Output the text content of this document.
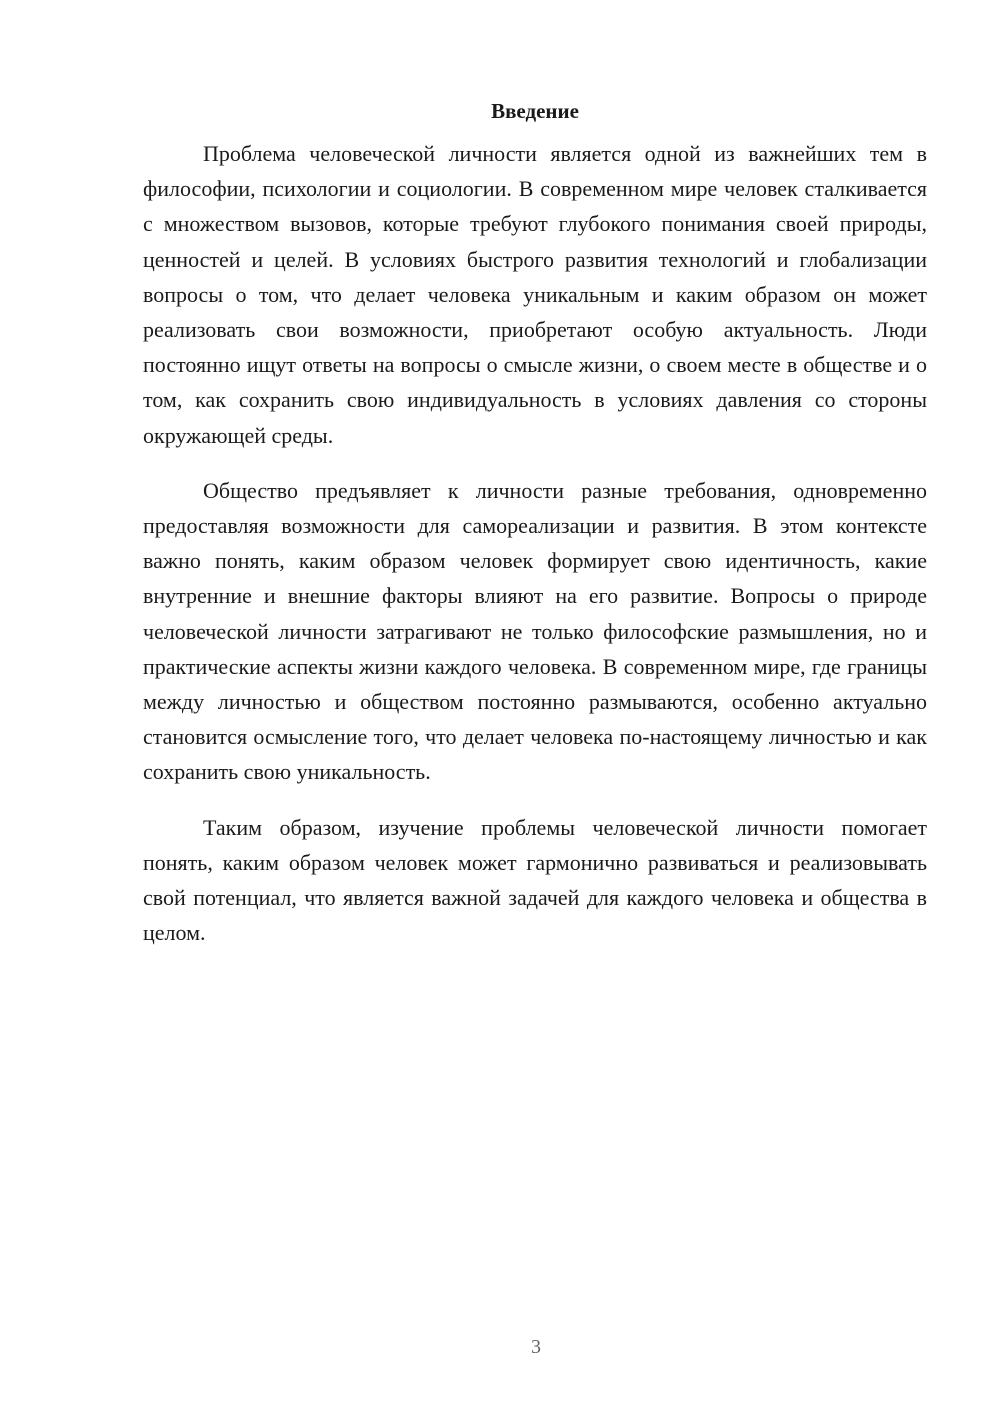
Введение

Проблема человеческой личности является одной из важнейших тем в философии, психологии и социологии. В современном мире человек сталкивается с множеством вызовов, которые требуют глубокого понимания своей природы, ценностей и целей. В условиях быстрого развития технологий и глобализации вопросы о том, что делает человека уникальным и каким образом он может реализовать свои возможности, приобретают особую актуальность. Люди постоянно ищут ответы на вопросы о смысле жизни, о своем месте в обществе и о том, как сохранить свою индивидуальность в условиях давления со стороны окружающей среды.

Общество предъявляет к личности разные требования, одновременно предоставляя возможности для самореализации и развития. В этом контексте важно понять, каким образом человек формирует свою идентичность, какие внутренние и внешние факторы влияют на его развитие. Вопросы о природе человеческой личности затрагивают не только философские размышления, но и практические аспекты жизни каждого человека. В современном мире, где границы между личностью и обществом постоянно размываются, особенно актуально становится осмысление того, что делает человека по-настоящему личностью и как сохранить свою уникальность.

Таким образом, изучение проблемы человеческой личности помогает понять, каким образом человек может гармонично развиваться и реализовывать свой потенциал, что является важной задачей для каждого человека и общества в целом.

3
